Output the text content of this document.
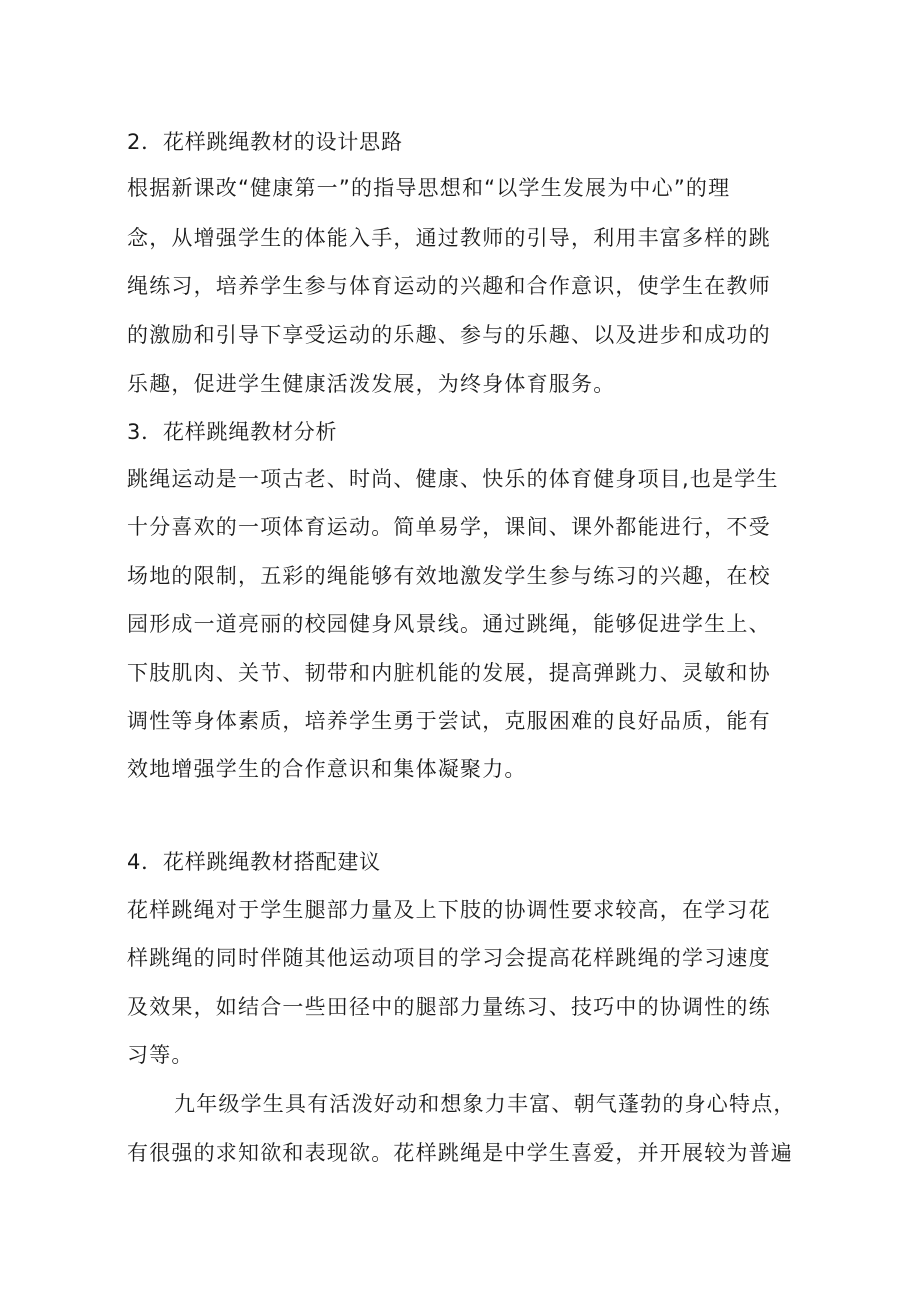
2．花样跳绳教材的设计思路
根据新课改“健康第一”的指导思想和“以学生发展为中心”的理
念，从增强学生的体能入手，通过教师的引导，利用丰富多样的跳
绳练习，培养学生参与体育运动的兴趣和合作意识，使学生在教师
的激励和引导下享受运动的乐趣、参与的乐趣、以及进步和成功的
乐趣，促进学生健康活泼发展，为终身体育服务。
3．花样跳绳教材分析
跳绳运动是一项古老、时尚、健康、快乐的体育健身项目,也是学生
十分喜欢的一项体育运动。简单易学，课间、课外都能进行，不受
场地的限制，五彩的绳能够有效地激发学生参与练习的兴趣，在校
园形成一道亮丽的校园健身风景线。通过跳绳，能够促进学生上、
下肢肌肉、关节、韧带和内脏机能的发展，提高弹跳力、灵敏和协
调性等身体素质，培养学生勇于尝试，克服困难的良好品质，能有
效地增强学生的合作意识和集体凝聚力。
4．花样跳绳教材搭配建议
花样跳绳对于学生腿部力量及上下肢的协调性要求较高，在学习花
样跳绳的同时伴随其他运动项目的学习会提高花样跳绳的学习速度
及效果，如结合一些田径中的腿部力量练习、技巧中的协调性的练
习等。
九年级学生具有活泼好动和想象力丰富、朝气蓬勃的身心特点，
有很强的求知欲和表现欲。花样跳绳是中学生喜爱，并开展较为普遍
